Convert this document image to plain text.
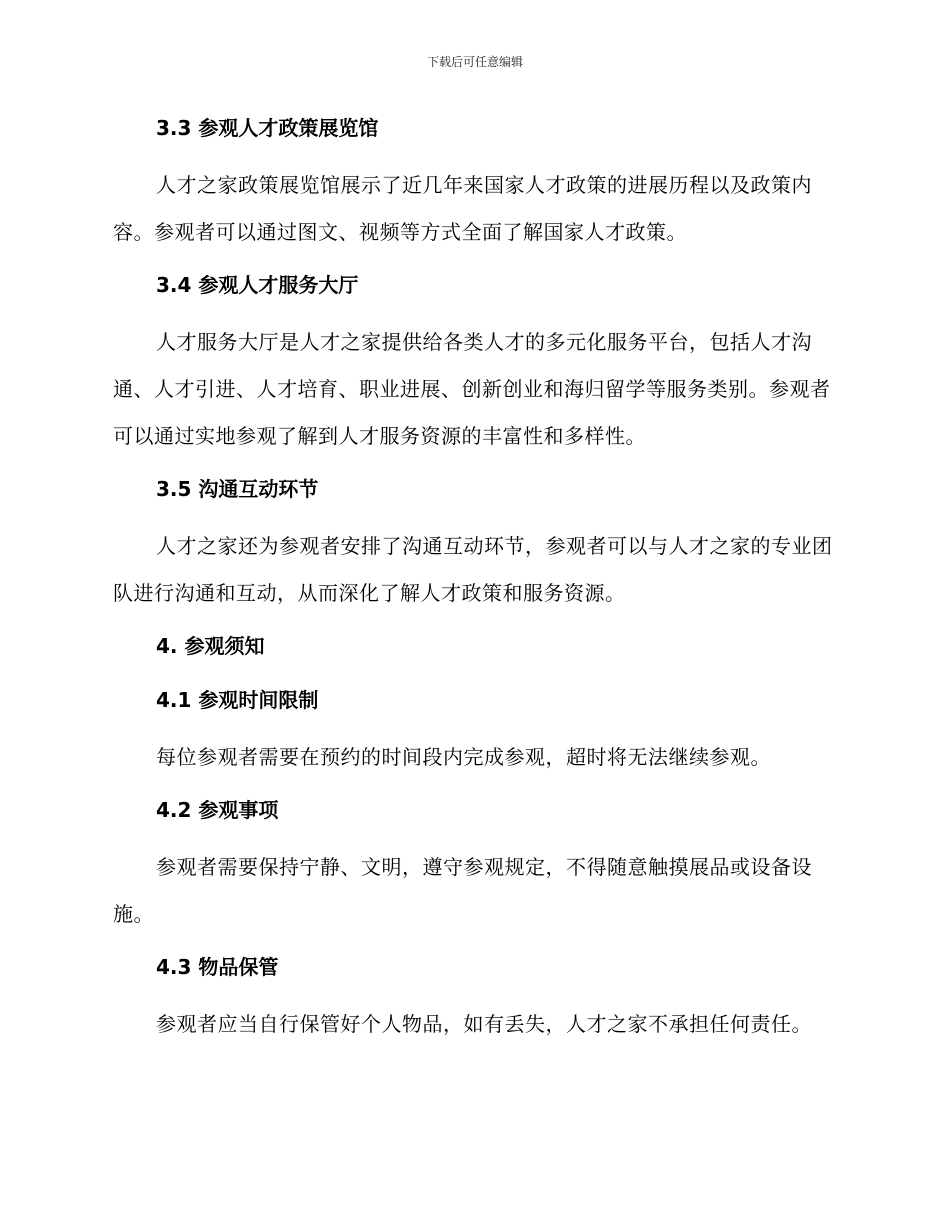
下载后可任意编辑
3.3 参观人才政策展览馆

人才之家政策展览馆展示了近几年来国家人才政策的进展历程以及政策内容。参观者可以通过图文、视频等方式全面了解国家人才政策。

3.4 参观人才服务大厅

人才服务大厅是人才之家提供给各类人才的多元化服务平台，包括人才沟通、人才引进、人才培育、职业进展、创新创业和海归留学等服务类别。参观者可以通过实地参观了解到人才服务资源的丰富性和多样性。

3.5 沟通互动环节

人才之家还为参观者安排了沟通互动环节，参观者可以与人才之家的专业团队进行沟通和互动，从而深化了解人才政策和服务资源。

4. 参观须知
4.1 参观时间限制

每位参观者需要在预约的时间段内完成参观，超时将无法继续参观。

4.2 参观事项

参观者需要保持宁静、文明，遵守参观规定，不得随意触摸展品或设备设施。

4.3 物品保管

参观者应当自行保管好个人物品，如有丢失，人才之家不承担任何责任。
